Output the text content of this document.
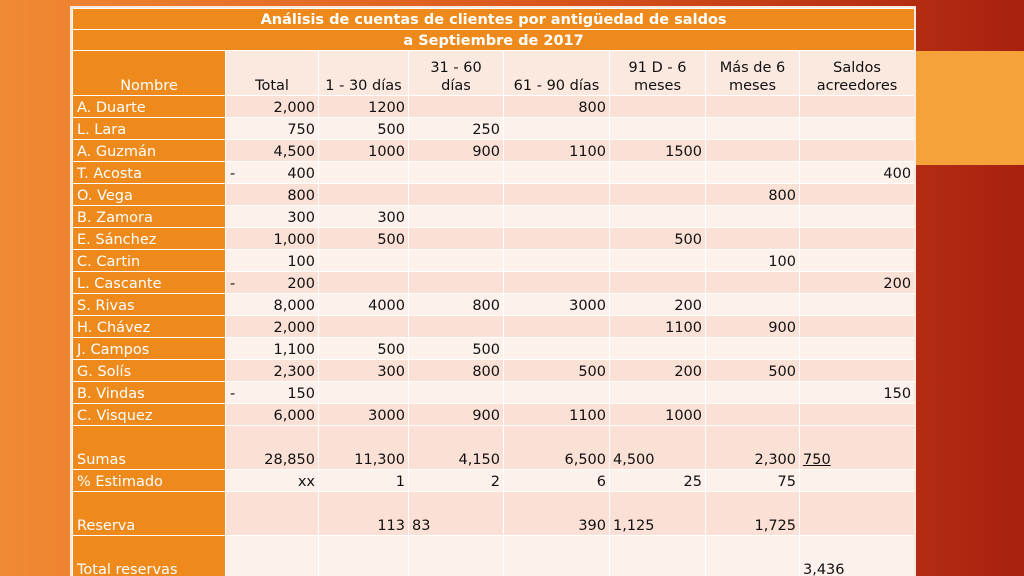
Análisis de cuentas de clientes por antigüedad de saldos							
a Septiembre de 2017							
Nombre	Total	1 - 30 días	31 - 60 días	61 - 90 días	91 D - 6 meses	Más de 6 meses	Saldos acreedores

A. Duarte	2,000	1200		800			
L. Lara	750	500	250				
A. Guzmán	4,500	1000	900	1100	1500		
T. Acosta	- 400						400
O. Vega	800					800	
B. Zamora	300	300					
E. Sánchez	1,000	500			500		
C. Cartin	100					100	
L. Cascante	- 200						200
S. Rivas	8,000	4000	800	3000	200		
H. Chávez	2,000				1100	900	
J. Campos	1,100	500	500				
G. Solís	2,300	300	800	500	200	500	
B. Vindas	- 150						150
C. Visquez	6,000	3000	900	1100	1000		
Sumas	28,850	11,300	4,150	6,500	4,500	2,300	750
% Estimado	xx	1	2	6	25	75	
Reserva		113	83	390	1,125	1,725	
Total reservas							3,436
